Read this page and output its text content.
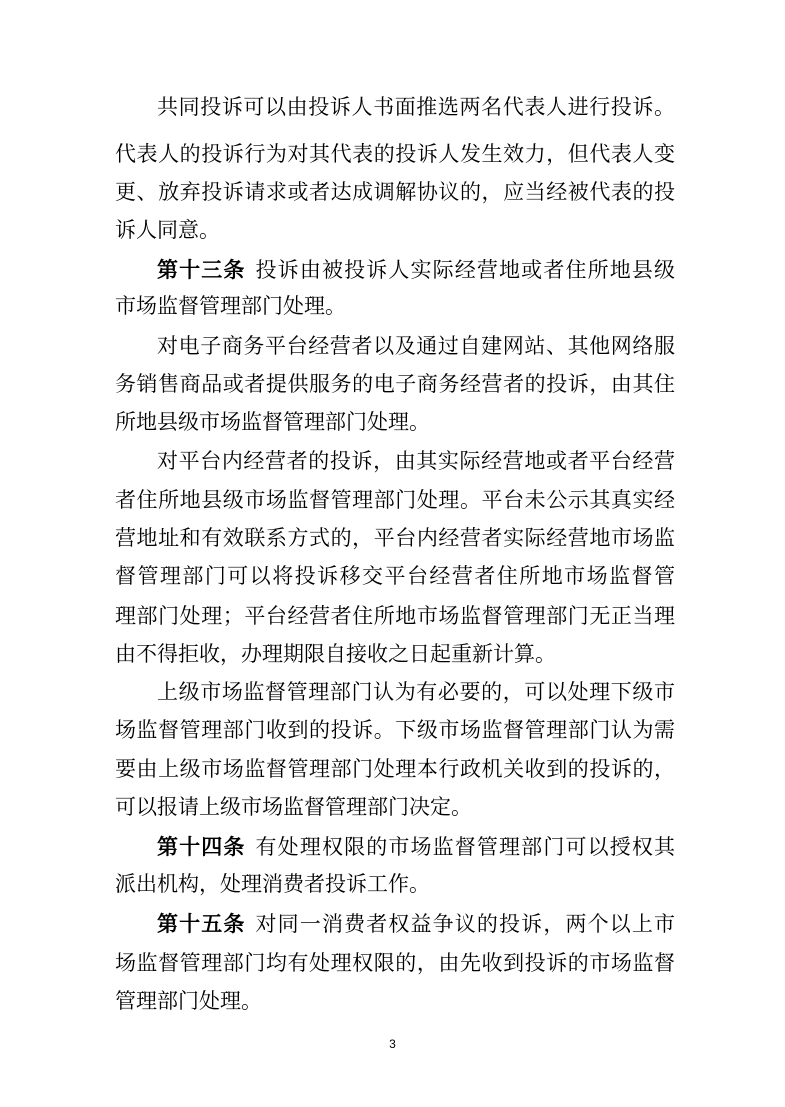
共同投诉可以由投诉人书面推选两名代表人进行投诉。
代表人的投诉行为对其代表的投诉人发生效力，但代表人变
更、放弃投诉请求或者达成调解协议的，应当经被代表的投
诉人同意。
第十三条 投诉由被投诉人实际经营地或者住所地县级
市场监督管理部门处理。
对电子商务平台经营者以及通过自建网站、其他网络服
务销售商品或者提供服务的电子商务经营者的投诉，由其住
所地县级市场监督管理部门处理。
对平台内经营者的投诉，由其实际经营地或者平台经营
者住所地县级市场监督管理部门处理。平台未公示其真实经
营地址和有效联系方式的，平台内经营者实际经营地市场监
督管理部门可以将投诉移交平台经营者住所地市场监督管
理部门处理；平台经营者住所地市场监督管理部门无正当理
由不得拒收，办理期限自接收之日起重新计算。
上级市场监督管理部门认为有必要的，可以处理下级市
场监督管理部门收到的投诉。下级市场监督管理部门认为需
要由上级市场监督管理部门处理本行政机关收到的投诉的，
可以报请上级市场监督管理部门决定。
第十四条 有处理权限的市场监督管理部门可以授权其
派出机构，处理消费者投诉工作。
第十五条 对同一消费者权益争议的投诉，两个以上市
场监督管理部门均有处理权限的，由先收到投诉的市场监督
管理部门处理。
3
